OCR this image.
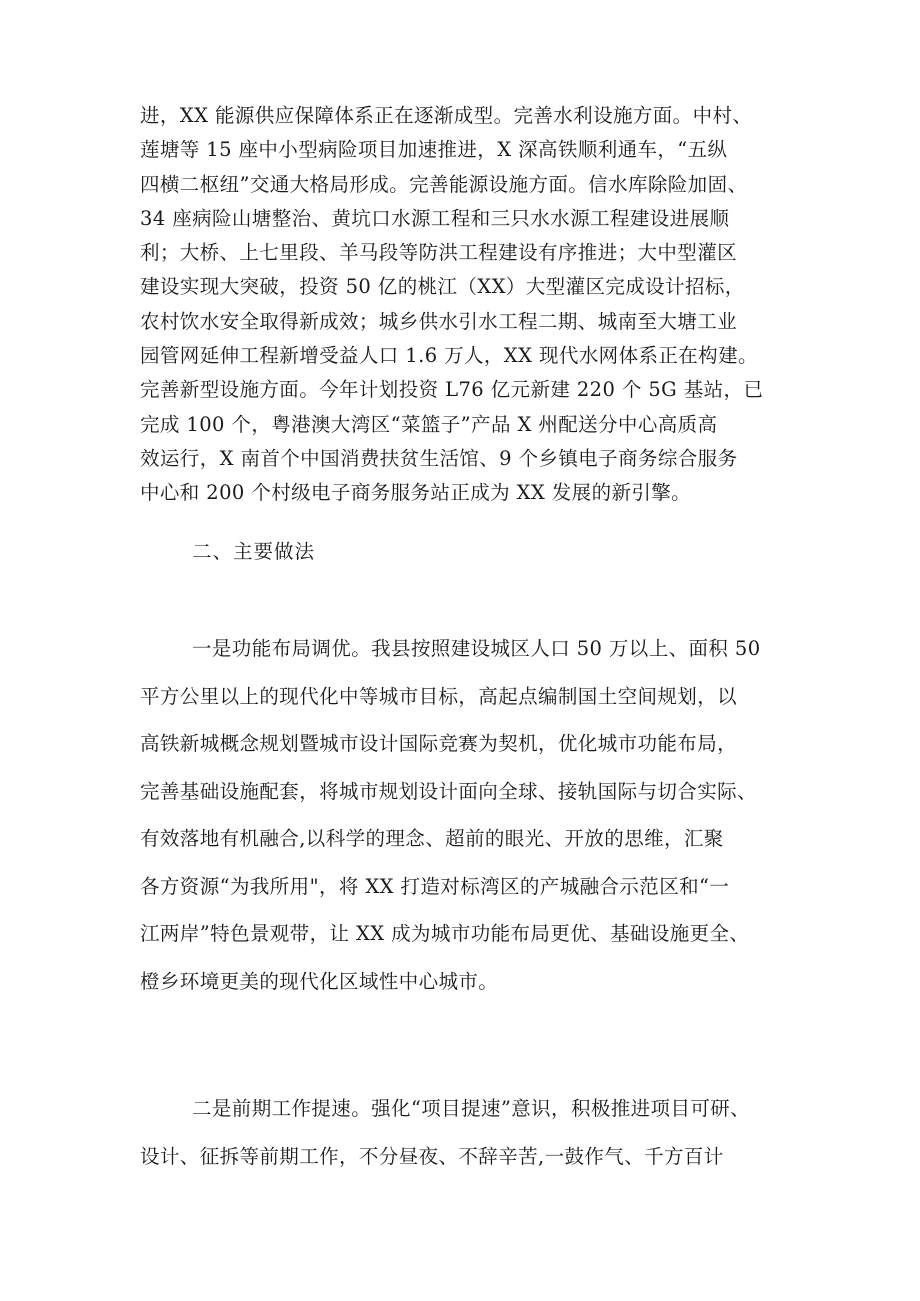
进，XX 能源供应保障体系正在逐渐成型。完善水利设施方面。中村、
莲塘等 15 座中小型病险项目加速推进，X 深高铁顺利通车，“五纵
四横二枢纽”交通大格局形成。完善能源设施方面。信水库除险加固、
34 座病险山塘整治、黄坑口水源工程和三只水水源工程建设进展顺
利；大桥、上七里段、羊马段等防洪工程建设有序推进；大中型灌区
建设实现大突破，投资 50 亿的桃江（XX）大型灌区完成设计招标，
农村饮水安全取得新成效；城乡供水引水工程二期、城南至大塘工业
园管网延伸工程新增受益人口 1.6 万人，XX 现代水网体系正在构建。
完善新型设施方面。今年计划投资 L76 亿元新建 220 个 5G 基站，已
完成 100 个，粤港澳大湾区“菜篮子”产品 X 州配送分中心高质高
效运行，X 南首个中国消费扶贫生活馆、9 个乡镇电子商务综合服务
中心和 200 个村级电子商务服务站正成为 XX 发展的新引擎。
二、主要做法
一是功能布局调优。我县按照建设城区人口 50 万以上、面积 50
平方公里以上的现代化中等城市目标，高起点编制国土空间规划，以
高铁新城概念规划暨城市设计国际竞赛为契机，优化城市功能布局，
完善基础设施配套，将城市规划设计面向全球、接轨国际与切合实际、
有效落地有机融合,以科学的理念、超前的眼光、开放的思维，汇聚
各方资源“为我所用"，将 XX 打造对标湾区的产城融合示范区和“一
江两岸”特色景观带，让 XX 成为城市功能布局更优、基础设施更全、
橙乡环境更美的现代化区域性中心城市。
二是前期工作提速。强化“项目提速”意识，积极推进项目可研、
设计、征拆等前期工作，不分昼夜、不辞辛苦,一鼓作气、千方百计
